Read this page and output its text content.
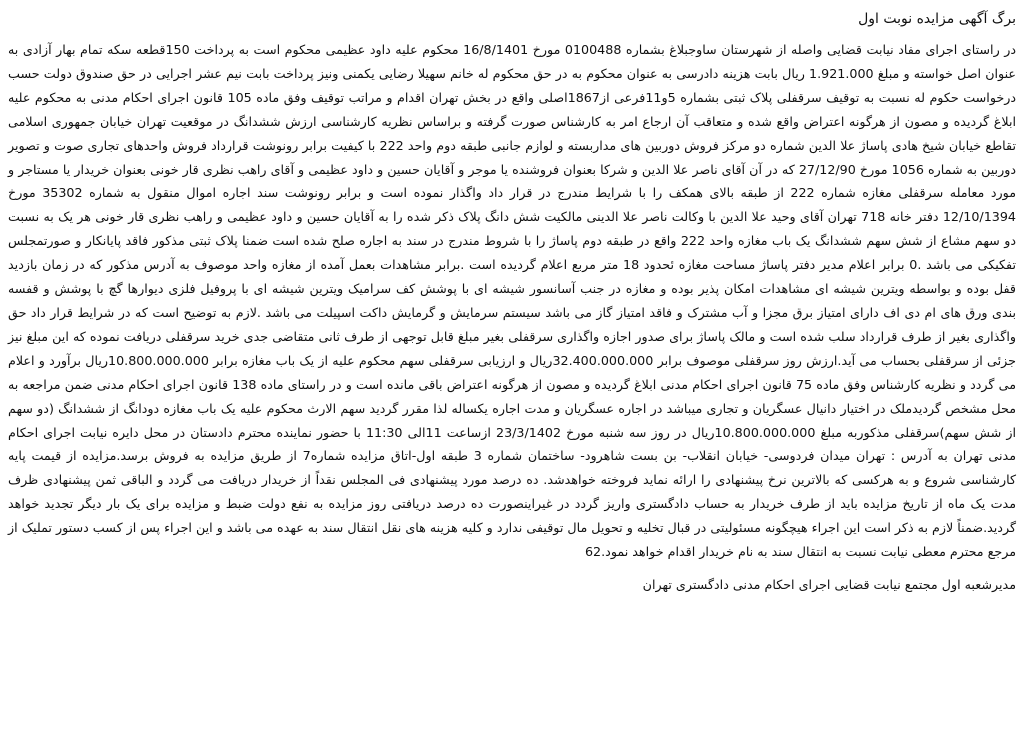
برگ آگهی مزایده نوبت اول

در راستای اجرای مفاد نیابت قضایی واصله از شهرستان ساوجبلاغ بشماره 0100488 مورخ 16/8/1401 محکوم علیه داود عظیمی محکوم است به پرداخت 150قطعه سکه تمام بهار آزادی به عنوان اصل خواسته و مبلغ 1.921.000 ریال بابت هزینه دادرسی به عنوان محکوم به در حق محکوم له خانم سهیلا رضایی یکمنی ونیز پرداخت بابت نیم عشر اجرایی در حق صندوق دولت حسب درخواست حکوم له نسبت به توقیف سرقفلی پلاک ثبتی بشماره 5و11فرعی از1867اصلی واقع در بخش تهران اقدام و مراتب توقیف وفق ماده 105 قانون اجرای احکام مدنی به محکوم علیه ابلاغ گردیده و مصون از هرگونه اعتراض واقع شده و متعاقب آن ارجاع امر به کارشناس صورت گرفته و براساس نظریه کارشناسی ارزش ششدانگ در موقعیت تهران خیابان جمهوری اسلامی تقاطع خیابان شیخ هادی پاساژ علا الدین شماره دو مرکز فروش دوربین های مداربسته و لوازم جانبی طبقه دوم واحد 222 با کیفیت برابر رونوشت قرارداد فروش واحدهای تجاری صوت و تصویر دوربین به شماره 1056 مورخ 27/12/90 که در آن آقای ناصر علا الدین و شرکا بعنوان فروشنده یا موجر و آقایان حسین و داود عظیمی و آقای راهب نظری قار خونی بعنوان خریدار یا مستاجر و مورد معامله سرقفلی مغازه شماره 222 از طبقه بالای همکف را با شرایط مندرج در قرار داد واگذار نموده است و برابر رونوشت سند اجاره اموال منقول به شماره 35302 مورخ 12/10/1394 دفتر خانه 718 تهران آقای وحید علا الدین با وکالت ناصر علا الدینی مالکیت شش دانگ پلاک ذکر شده را به آقایان حسین و داود عظیمی و راهب نظری قار خونی هر یک به نسبت دو سهم مشاع از شش سهم ششدانگ یک باب مغازه واحد 222 واقع در طبقه دوم پاساژ را با شروط مندرج در سند به اجاره صلح شده است ضمنا پلاک ثبتی مذکور فاقد پایانکار و صورتمجلس تفکیکی می باشد .0 برابر اعلام مدیر دفتر پاساژ مساحت مغازه ئحدود 18 متر مربع اعلام گردیده است .برابر مشاهدات بعمل آمده از مغازه واحد موصوف به آدرس مذکور که در زمان بازدید قفل بوده و بواسطه ویترین شیشه ای مشاهدات امکان پذیر بوده و مغازه در جنب آسانسور شیشه ای با پوشش کف سرامیک ویترین شیشه ای با پروفیل فلزی دیوارها گچ با پوشش و قفسه بندی ورق های ام دی اف دارای امتیاز برق مجزا و آب مشترک و فاقد امتیاز گاز می باشد سیستم سرمایش و گرمایش داکت اسپیلت می باشد .لازم به توضیح است که در شرایط قرار داد حق واگذاری بغیر از طرف قرارداد سلب شده است و مالک پاساژ برای صدور اجازه واگذاری سرقفلی بغیر مبلغ قابل توجهی از طرف ثانی متقاضی جدی خرید سرقفلی دریافت نموده که این مبلغ نیز جزئی از سرقفلی بحساب می آید.ارزش روز سرقفلی موصوف برابر 32.400.000.000ریال و ارزیابی سرقفلی سهم محکوم علیه از یک باب مغازه برابر 10.800.000.000ریال برآورد و اعلام می گردد و نظریه کارشناس وفق ماده 75 قانون اجرای احکام مدنی ابلاغ گردیده و مصون از هرگونه اعتراض باقی مانده است و در راستای ماده 138 قانون اجرای احکام مدنی ضمن مراجعه به محل مشخص گردیدملک در اختیار دانیال عسگریان و تجاری میباشد در اجاره عسگریان و مدت اجاره یکساله لذا مقرر گردید سهم الارث محکوم علیه یک باب مغازه دودانگ از ششدانگ (دو سهم از شش سهم)سرقفلی مذکوربه مبلغ 10.800.000.000ریال در روز سه شنبه مورخ 23/3/1402 ازساعت 11الی 11:30 با حضور نماینده محترم دادستان در محل دایره نیابت اجرای احکام مدنی تهران به آدرس : تهران میدان فردوسی- خیابان انقلاب- بن بست شاهرود- ساختمان شماره 3 طبقه اول-اتاق مزایده شماره7 از طریق مزایده به فروش برسد.مزایده از قیمت پایه کارشناسی شروع و به هرکسی که بالاترین نرخ پیشنهادی را ارائه نماید فروخته خواهدشد. ده درصد مورد پیشنهادی فی المجلس نقداً از خریدار دریافت می گردد و الباقی ثمن پیشنهادی ظرف مدت یک ماه از تاریخ مزایده باید از طرف خریدار به حساب دادگستری واریز گردد در غیراینصورت ده درصد دریافتی روز مزایده به نفع دولت ضبط و مزایده برای یک بار دیگر تجدید خواهد گردید.ضمناً لازم به ذکر است این اجراء هیچگونه مسئولیتی در قبال تخلیه و تحویل مال توقیفی ندارد و کلیه هزینه های نقل انتقال سند به عهده می باشد و این اجراء پس از کسب دستور تملیک از مرجع محترم معطی نیابت نسبت به انتقال سند به نام خریدار اقدام خواهد نمود.62

مدیرشعبه اول مجتمع نیابت قضایی اجرای احکام مدنی دادگستری تهران
